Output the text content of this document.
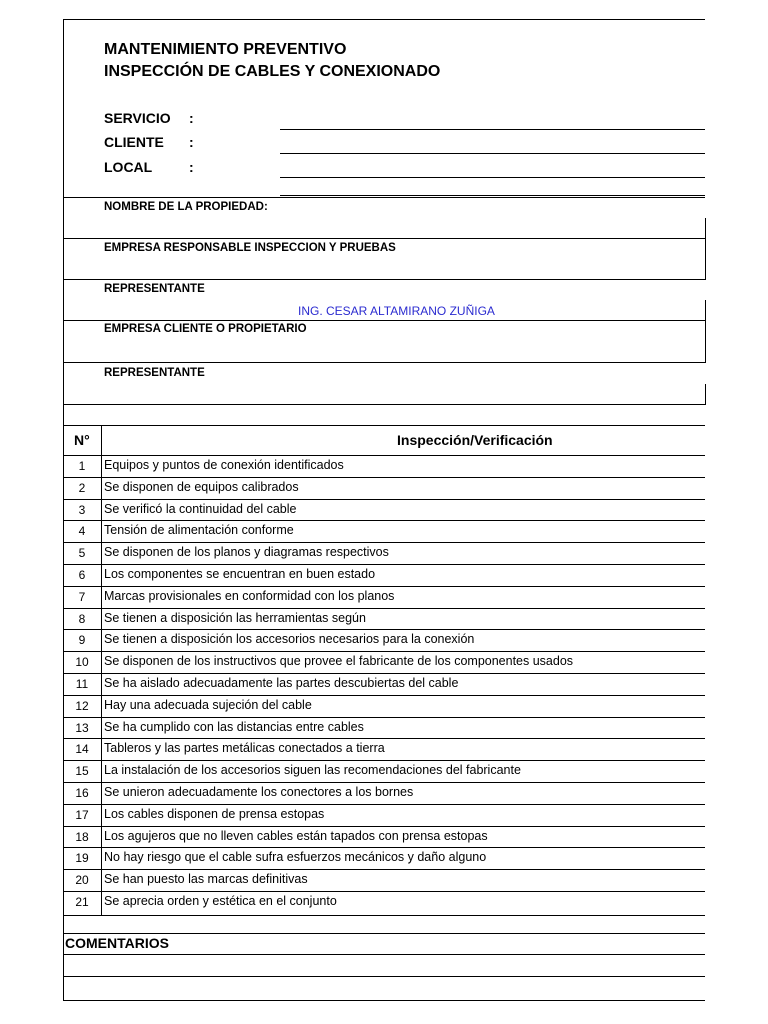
MANTENIMIENTO PREVENTIVO
INSPECCIÓN DE CABLES Y CONEXIONADO
SERVICIO :
CLIENTE :
LOCAL	:
NOMBRE DE LA PROPIEDAD:
EMPRESA RESPONSABLE INSPECCION Y PRUEBAS
REPRESENTANTE
ING. CESAR ALTAMIRANO ZUÑIGA
EMPRESA CLIENTE O PROPIETARIO
REPRESENTANTE
N°	Inspección/Verificación
1	Equipos y puntos de conexión identificados
2	Se disponen de equipos calibrados
3	Se verificó la continuidad del cable
4	Tensión de alimentación conforme
5	Se disponen de los planos y diagramas respectivos
6	Los componentes se encuentran en buen estado
7	Marcas provisionales en conformidad con los planos
8	Se tienen a disposición las herramientas según
9	Se tienen a disposición los accesorios necesarios para la conexión
10	Se disponen de los instructivos que provee el fabricante de los componentes usados
11	Se ha aislado adecuadamente las partes descubiertas del cable
12	Hay una adecuada sujeción del cable
13	Se ha cumplido con las distancias entre cables
14	Tableros y las partes metálicas conectados a tierra
15	La instalación de los accesorios siguen las recomendaciones del fabricante
16	Se unieron adecuadamente los conectores a los bornes
17	Los cables disponen de prensa estopas
18	Los agujeros que no lleven cables están tapados con prensa estopas
19	No hay riesgo que el cable sufra esfuerzos mecánicos y daño alguno
20	Se han puesto las marcas definitivas
21	Se aprecia orden y estética en el conjunto
COMENTARIOS
